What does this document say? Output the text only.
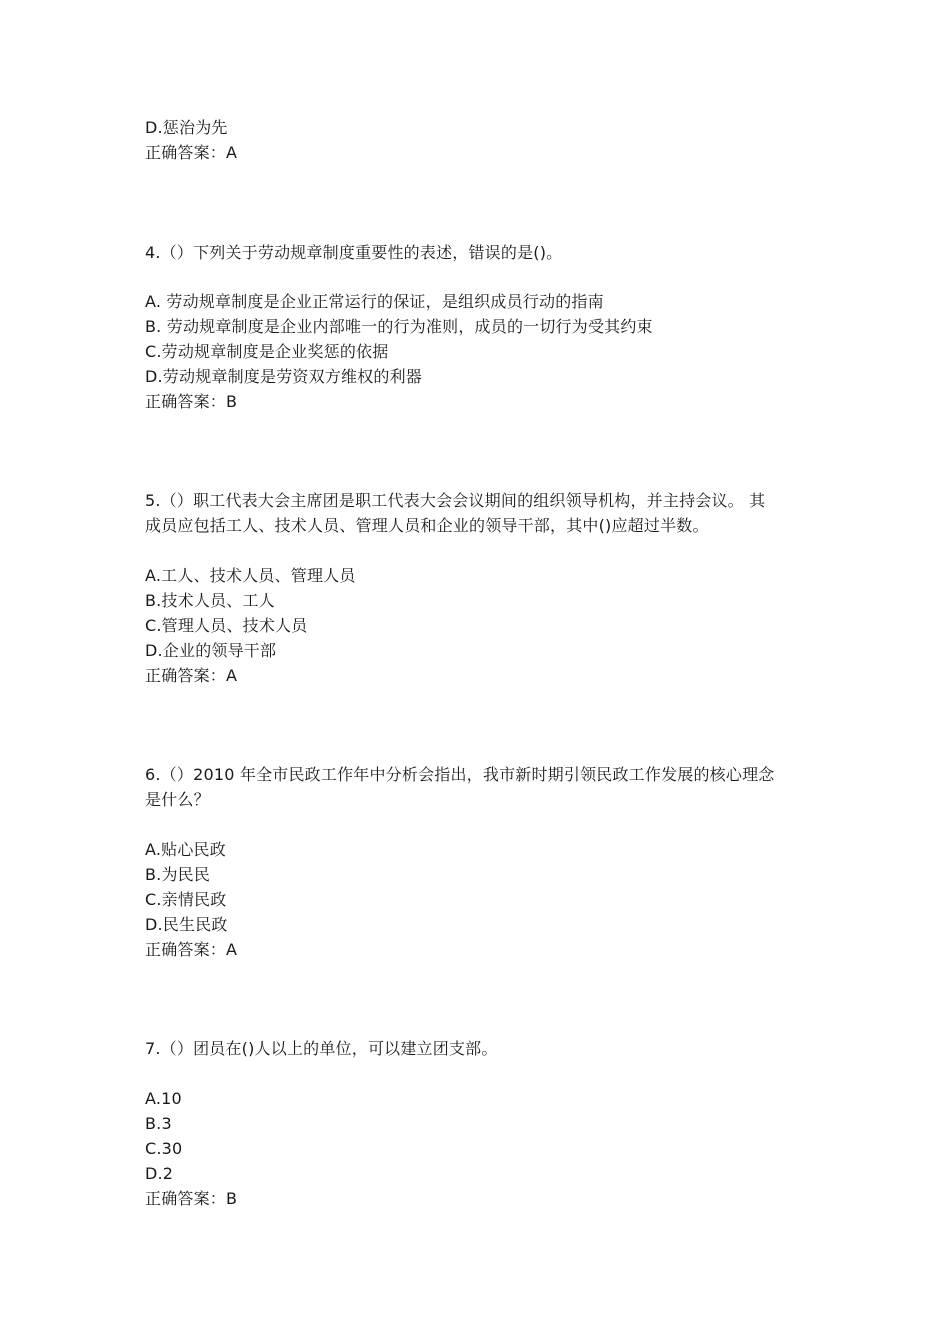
D.惩治为先
正确答案：A
4.（）下列关于劳动规章制度重要性的表述，错误的是()。
A. 劳动规章制度是企业正常运行的保证，是组织成员行动的指南
B. 劳动规章制度是企业内部唯一的行为准则，成员的一切行为受其约束
C.劳动规章制度是企业奖惩的依据
D.劳动规章制度是劳资双方维权的利器
正确答案：B
5.（）职工代表大会主席团是职工代表大会会议期间的组织领导机构，并主持会议。 其
成员应包括工人、技术人员、管理人员和企业的领导干部，其中()应超过半数。
A.工人、技术人员、管理人员
B.技术人员、工人
C.管理人员、技术人员
D.企业的领导干部
正确答案：A
6.（）2010 年全市民政工作年中分析会指出，我市新时期引领民政工作发展的核心理念
是什么？
A.贴心民政
B.为民民
C.亲情民政
D.民生民政
正确答案：A
7.（）团员在()人以上的单位，可以建立团支部。
A.10
B.3
C.30
D.2
正确答案：B
